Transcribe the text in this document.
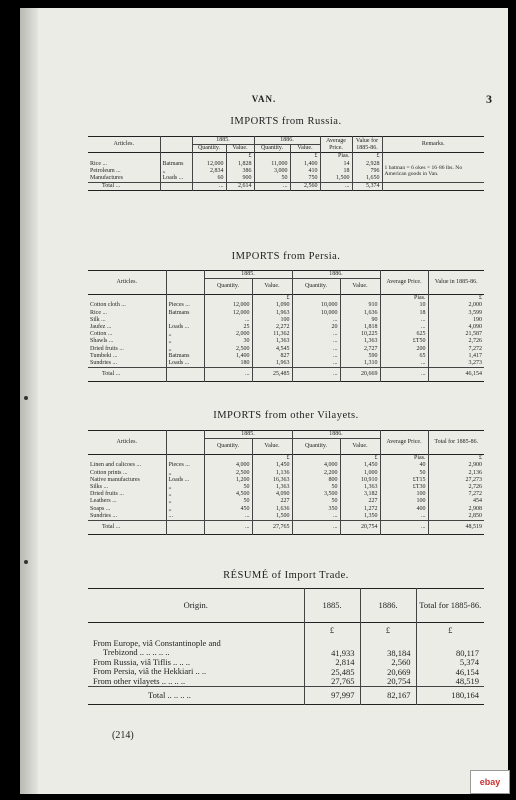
VAN.	3
IMPORTS from Russia.
Articles.		1885.		1886.		Average Price.	Value for 1885-86.	Remarks.
		Quantity.	Value.	Quantity.	Value.			
			£		£	Pias.	£	
Rice ...	Batmans	12,000	1,828	11,000	1,400	14	2,928	1 batman = 6 okes = 16·86 lbs. No American goods in Van.
Petroleum ...	,,	2,834	386	3,000	410	18	796	
Manufactures	Loads ...	60	900	50	750	1,500	1,650	
Total ...		...	2,614	...	2,560	...	5,374	
IMPORTS from Persia.
Articles.		1885.		1886.		Average Price.	Value in 1885-86.
		Quantity.	Value.	Quantity.	Value.		
			£			Pias.	£
Cotton cloth ...	Pieces ...	12,000	1,090	10,000	910	10	2,000
Rice ...	Batmans	12,000	1,963	10,000	1,636	18	3,599
Silk ...		...	100	...	90	...	190
Jaufez ...	Loads ...	25	2,272	20	1,818	...	4,090
Cotton ...	,,	2,000	11,362	...	10,225	625	21,587
Shawls ...	,,	30	1,363	...	1,363	£T50	2,726
Dried fruits ...	,,	2,500	4,545	...	2,727	200	7,272
Tumbeki ...	Batmans	1,400	827	...	590	65	1,417
Sundries ...	Loads ...	180	1,963	...	1,310	...	3,273
Total ...		...	25,485	...	20,669	...	46,154
IMPORTS from other Vilayets.
Articles.		1885.		1886.		Average Price.	Total for 1885-86.
		Quantity.	Value.	Quantity.	Value.		
			£		£	Pias.	£
Linen and calicoes ...	Pieces ...	4,000	1,450	4,000	1,450	40	2,900
Cotton prints ...	,,	2,500	1,136	2,200	1,000	50	2,136
Native manufactures	Loads ...	1,200	16,363	800	10,910	£T15	27,273
Silks ...	,,	50	1,363	50	1,363	£T30	2,726
Dried fruits ...	,,	4,500	4,090	3,500	3,182	100	7,272
Leathers ...	,,	50	227	50	227	100	454
Soaps ...	,,	450	1,636	350	1,272	400	2,908
Sundries ...	...	...	1,500	...	1,350	...	2,850
Total ...		...	27,765	...	20,754	...	48,519
RÉSUMÉ of Import Trade.
Origin.	1885.	1886.	Total for 1885-86.
	£	£	£

From Europe, viâ Constantinople and
Trebizond .. .. .. .. ..	41,933	38,184	80,117

From Russia, viâ Tiflis .. .. ..	2,814	2,560	5,374

From Persia, viâ the Hekkiari .. ..	25,485	20,669	46,154

From other vilayets .. .. .. ..	27,765	20,754	48,519
Total .. .. .. ..	97,997	82,167	180,164
(214)
ebay
